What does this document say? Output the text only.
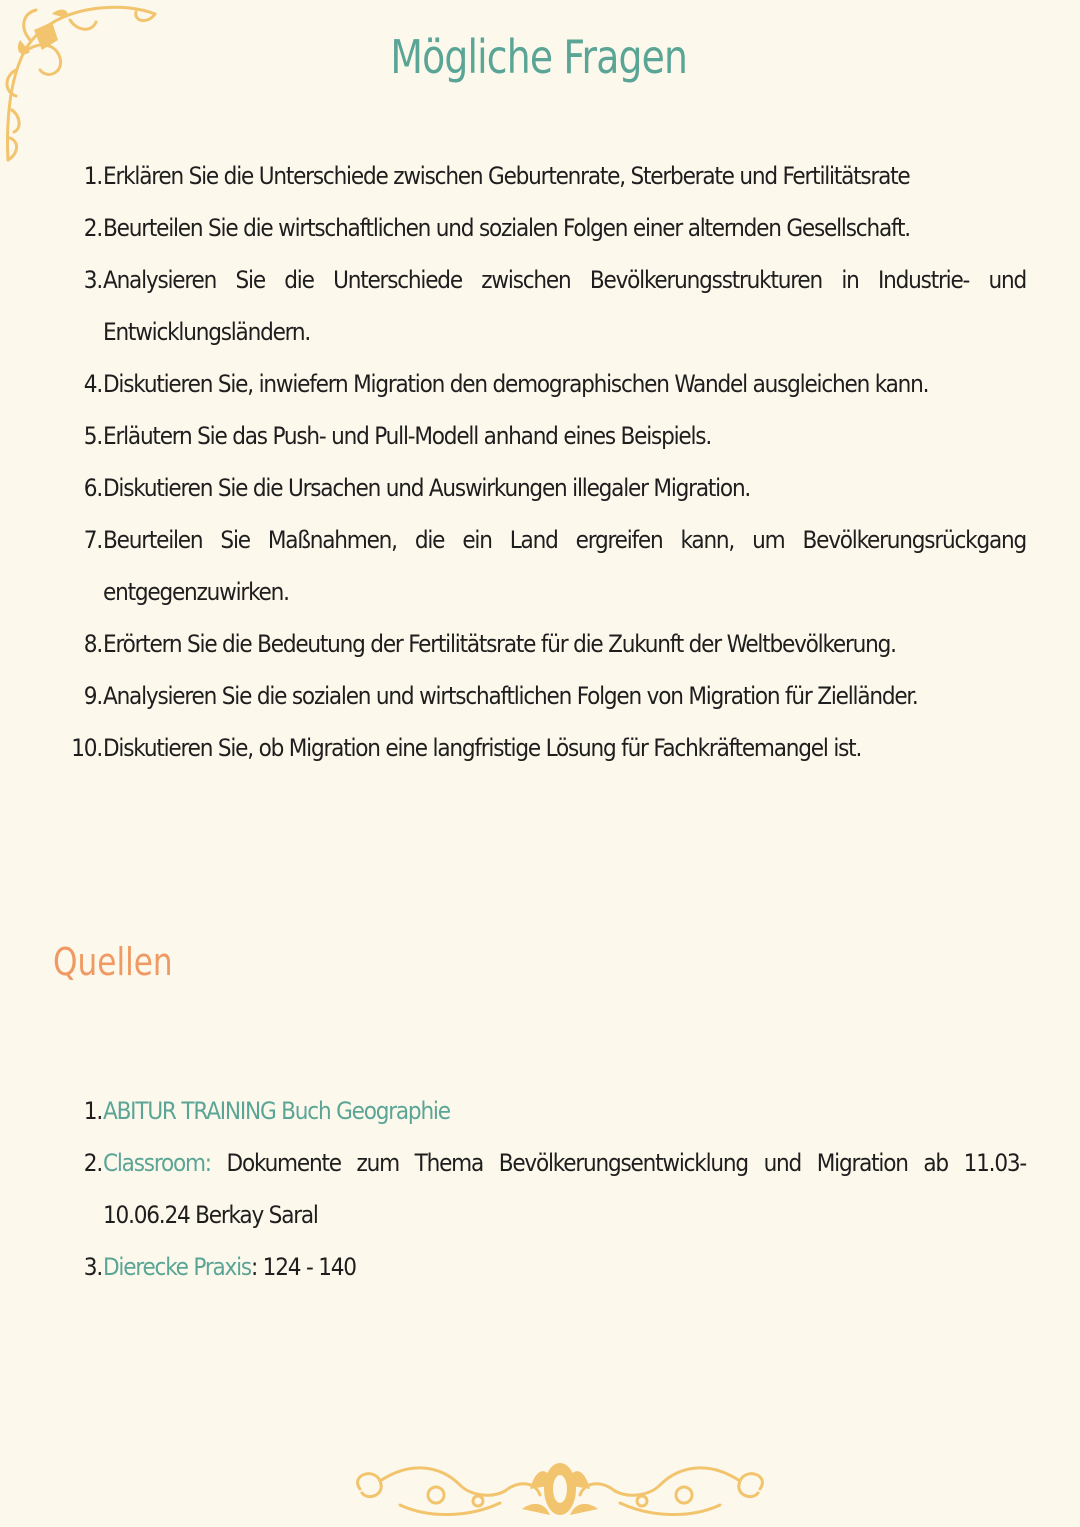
Mögliche Fragen
1. Erklären Sie die Unterschiede zwischen Geburtenrate, Sterberate und Fertilitätsrate
2. Beurteilen Sie die wirtschaftlichen und sozialen Folgen einer alternden Gesellschaft.
3. Analysieren Sie die Unterschiede zwischen Bevölkerungsstrukturen in Industrie- und Entwicklungsländern.
4. Diskutieren Sie, inwiefern Migration den demographischen Wandel ausgleichen kann.
5. Erläutern Sie das Push- und Pull-Modell anhand eines Beispiels.
6. Diskutieren Sie die Ursachen und Auswirkungen illegaler Migration.
7. Beurteilen Sie Maßnahmen, die ein Land ergreifen kann, um Bevölkerungsrückgang entgegenzuwirken.
8. Erörtern Sie die Bedeutung der Fertilitätsrate für die Zukunft der Weltbevölkerung.
9. Analysieren Sie die sozialen und wirtschaftlichen Folgen von Migration für Zielländer.
10. Diskutieren Sie, ob Migration eine langfristige Lösung für Fachkräftemangel ist.
Quellen
1. ABITUR TRAINING Buch Geographie
2. Classroom: Dokumente zum Thema Bevölkerungsentwicklung und Migration ab 11.03-10.06.24 Berkay Saral
3. Dierecke Praxis: 124 - 140
